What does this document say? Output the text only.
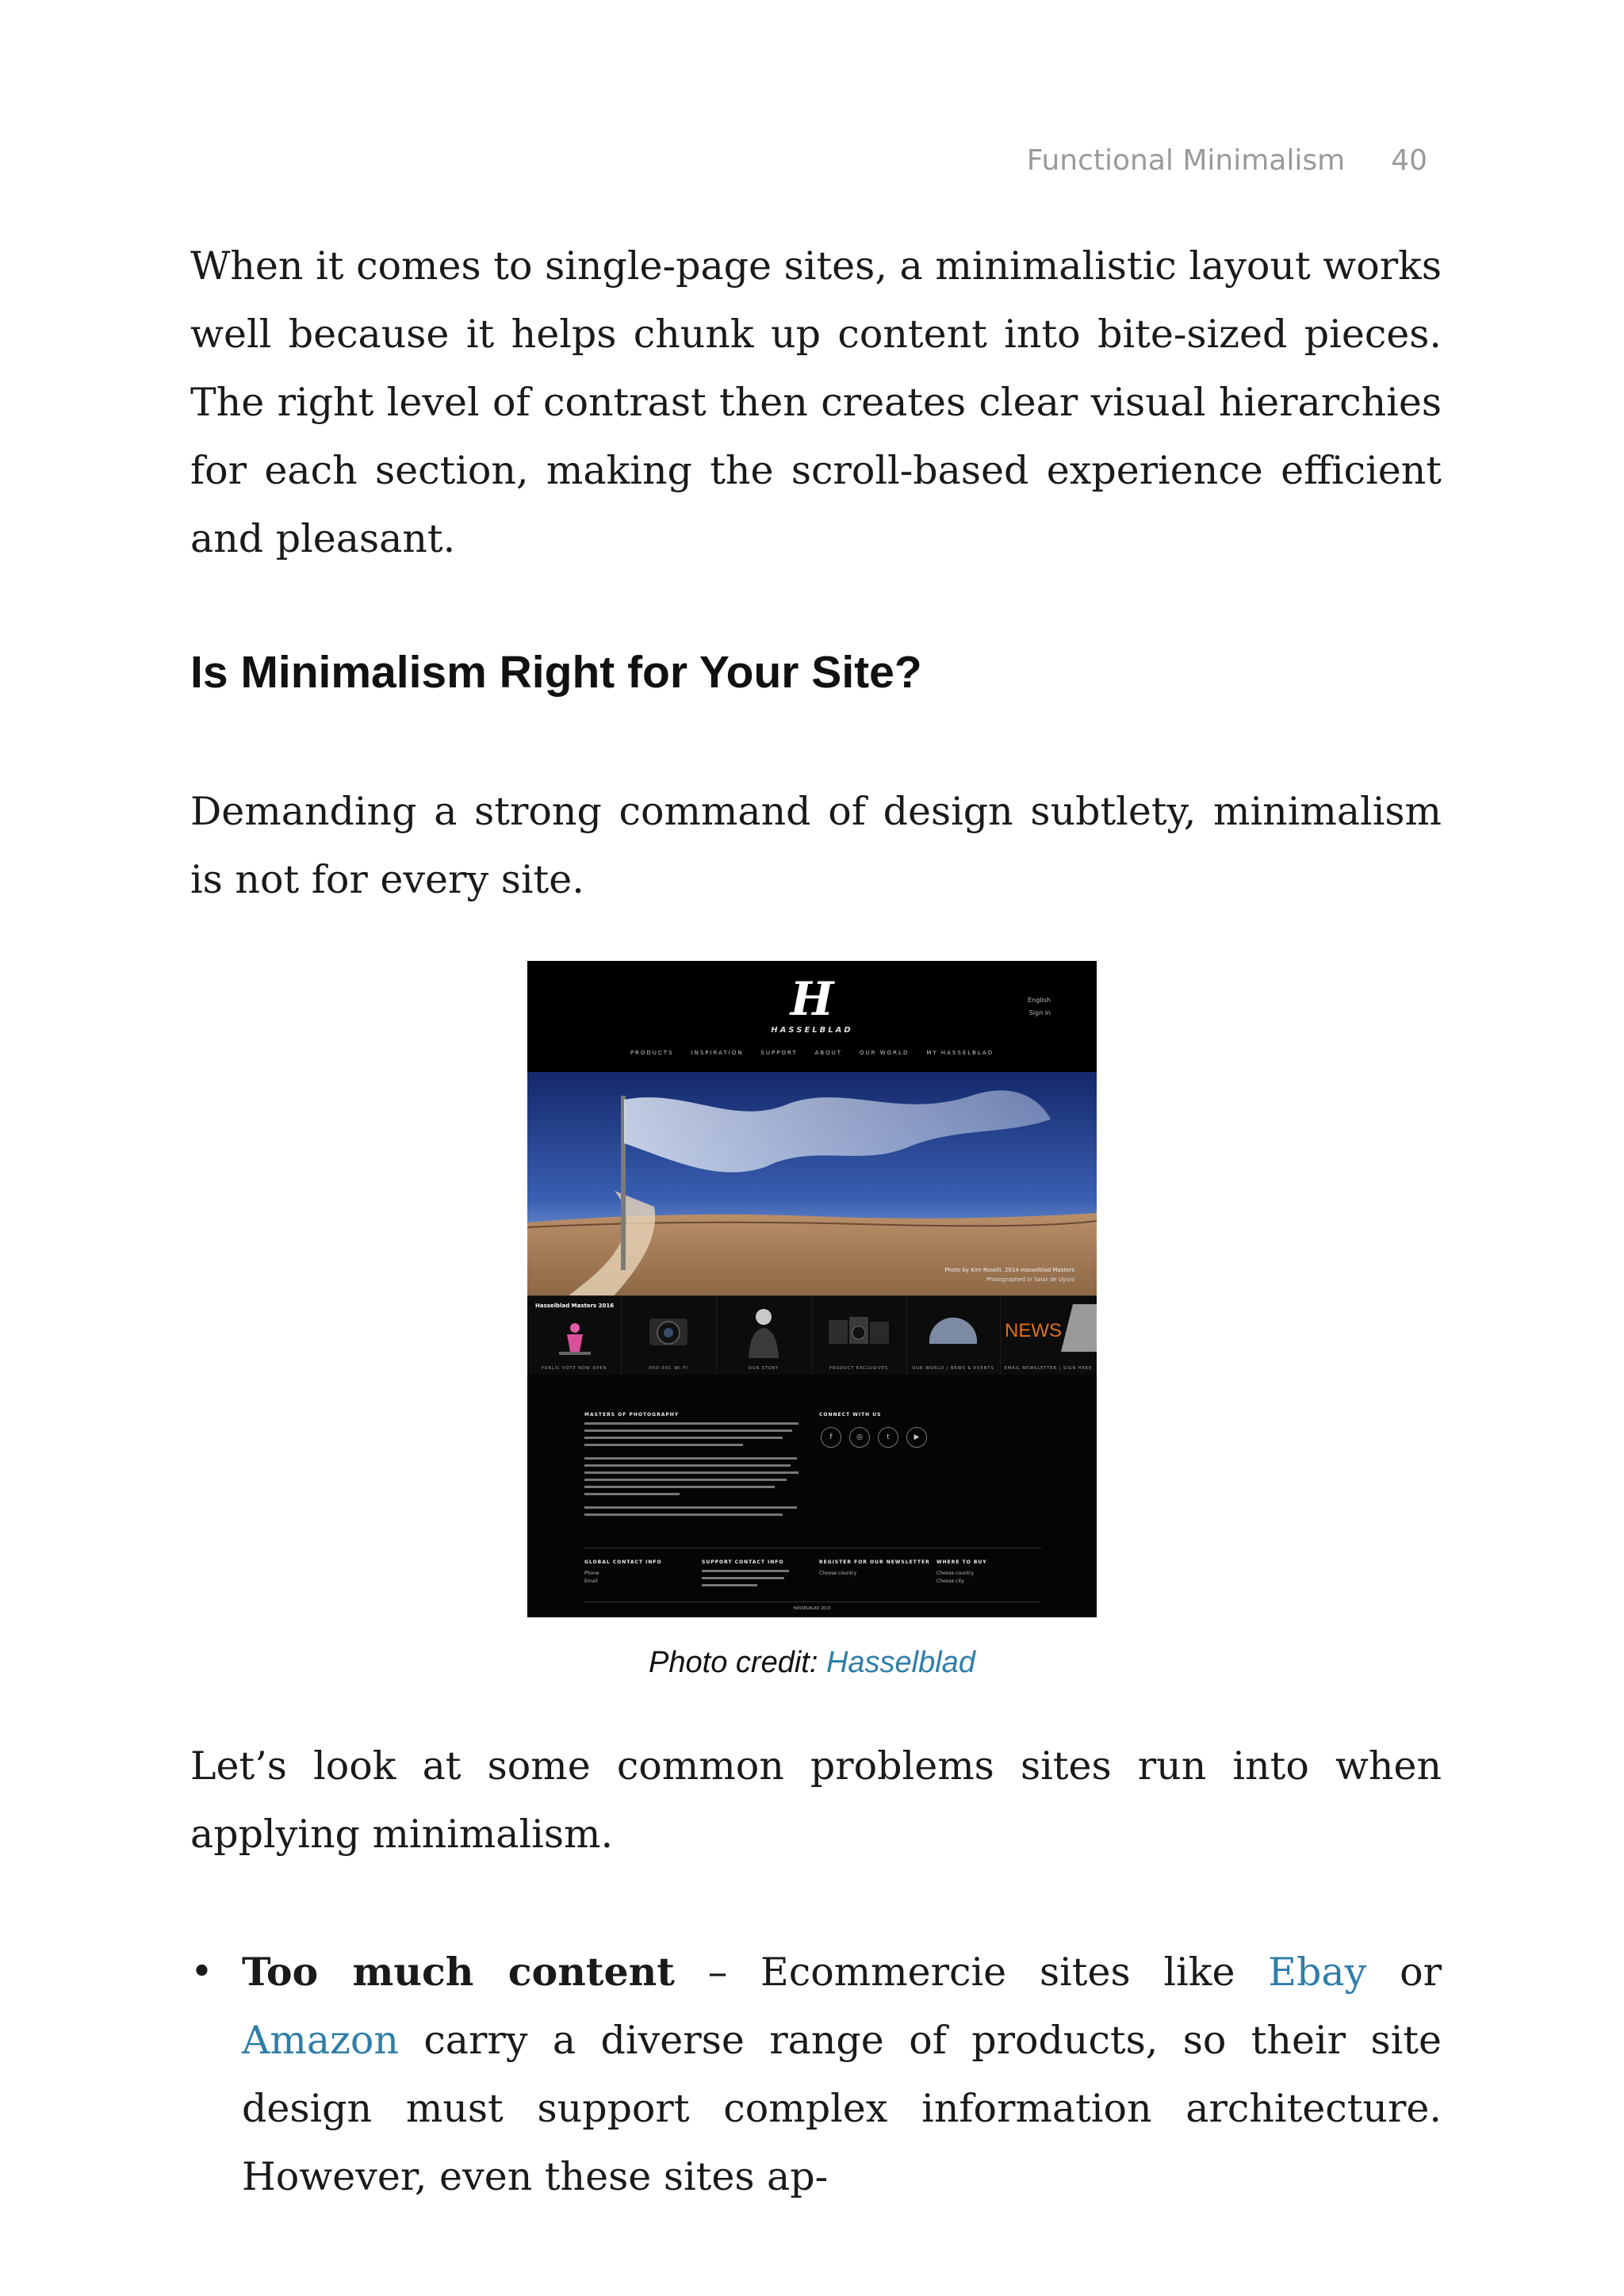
Functional Minimalism 40

When it comes to single-page sites, a minimalistic layout works well because it helps chunk up content into bite-sized pieces. The right level of contrast then creates clear visual hierarchies for each section, making the scroll-based experience efficient and pleasant.

Is Minimalism Right for Your Site?

Demanding a strong command of design subtlety, minimalism is not for every site.

H
HASSELBLAD
English
Sign in
PRODUCTS	INSPIRATION	SUPPORT	ABOUT	OUR WORLD	MY HASSELBLAD
Photo by Kim Roselli, 2014 Hasselblad Masters
Photographed in Salar de Uyuni
Hasselblad Masters 2016
PUBLIC VOTE NOW OPEN	H5D-50C WI-FI	OUR STORY	PRODUCT EXCLUSIVES	OUR WORLD | NEWS & EVENTS
NEWS
EMAIL NEWSLETTER | SIGN HERE
MASTERS OF PHOTOGRAPHY	CONNECT WITH US
f	◎	t	▶
GLOBAL CONTACT INFO
Phone
Email
SUPPORT CONTACT INFO	REGISTER FOR OUR NEWSLETTER
Choose country
WHERE TO BUY
Choose country
Choose city
HASSELBLAD 2015
Photo credit: Hasselblad

Let’s look at some common problems sites run into when applying minimalism.

• Too much content – Ecommercie sites like Ebay or Amazon carry a diverse range of products, so their site design must support complex information architecture. However, even these sites ap-
